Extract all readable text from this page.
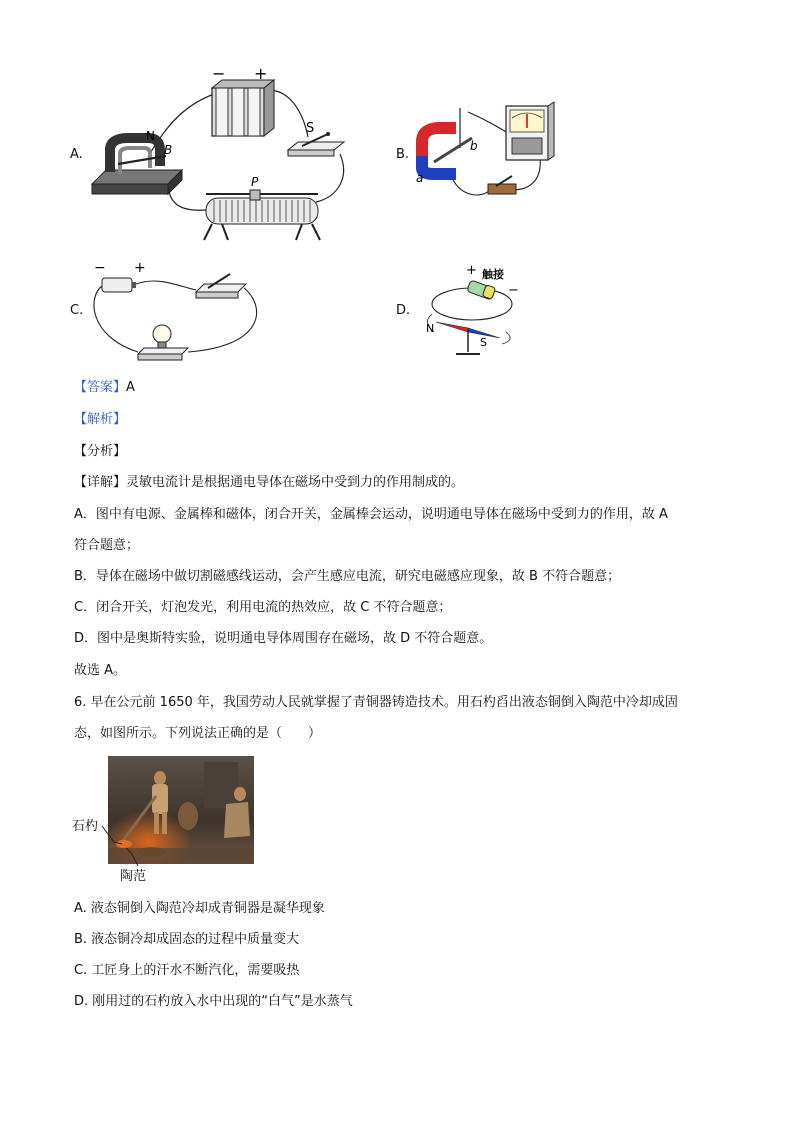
A.
− +
S
N
B
P
B.
b
a
C.
− +
D.
+ 触接
−
N
S
【答案】A
【解析】
【分析】
【详解】灵敏电流计是根据通电导体在磁场中受到力的作用制成的。
A．图中有电源、金属棒和磁体，闭合开关，金属棒会运动，说明通电导体在磁场中受到力的作用，故 A
符合题意；
B．导体在磁场中做切割磁感线运动，会产生感应电流，研究电磁感应现象，故 B 不符合题意；
C．闭合开关，灯泡发光，利用电流的热效应，故 C 不符合题意；
D．图中是奥斯特实验，说明通电导体周围存在磁场，故 D 不符合题意。
故选 A。
6. 早在公元前 1650 年，我国劳动人民就掌握了青铜器铸造技术。用石杓舀出液态铜倒入陶范中冷却成固
态，如图所示。下列说法正确的是（　　）
石杓
陶范
A. 液态铜倒入陶范冷却成青铜器是凝华现象
B. 液态铜冷却成固态的过程中质量变大
C. 工匠身上的汗水不断汽化，需要吸热
D. 刚用过的石杓放入水中出现的“白气”是水蒸气
